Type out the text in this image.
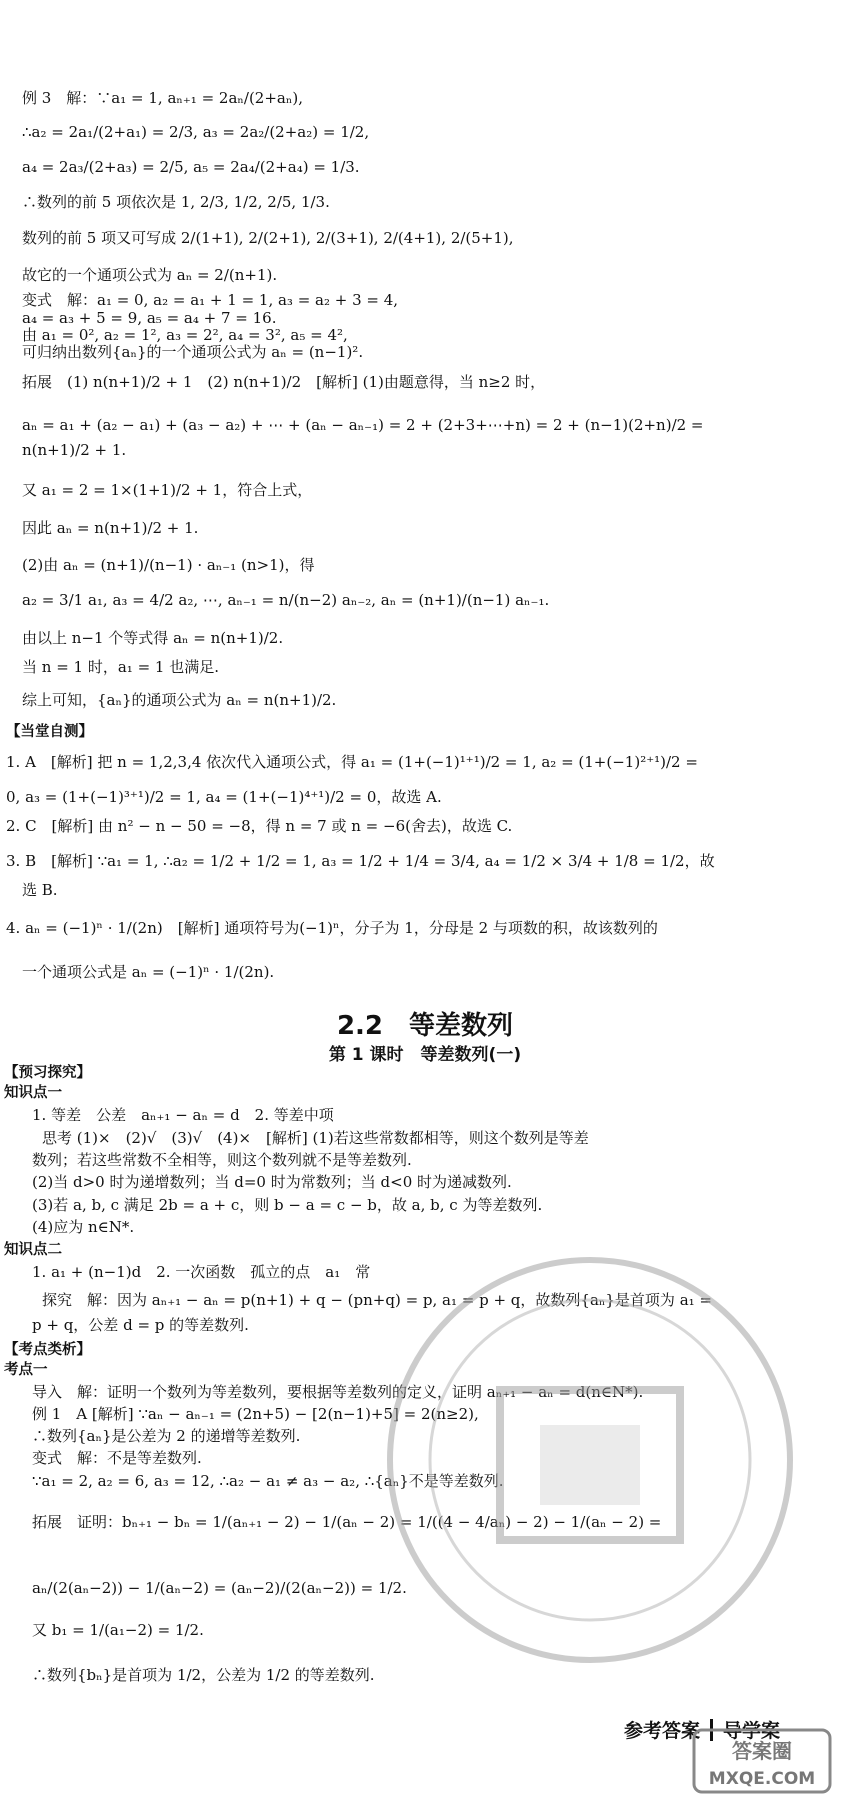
例 3　解：∵a₁ = 1, aₙ₊₁ = 2aₙ/(2+aₙ),
∴a₂ = 2a₁/(2+a₁) = 2/3, a₃ = 2a₂/(2+a₂) = 1/2,
a₄ = 2a₃/(2+a₃) = 2/5, a₅ = 2a₄/(2+a₄) = 1/3.
∴数列的前 5 项依次是 1, 2/3, 1/2, 2/5, 1/3.
数列的前 5 项又可写成 2/(1+1), 2/(2+1), 2/(3+1), 2/(4+1), 2/(5+1),
故它的一个通项公式为 aₙ = 2/(n+1).
变式　解：a₁ = 0, a₂ = a₁ + 1 = 1, a₃ = a₂ + 3 = 4,
a₄ = a₃ + 5 = 9, a₅ = a₄ + 7 = 16.
由 a₁ = 0², a₂ = 1², a₃ = 2², a₄ = 3², a₅ = 4²,
可归纳出数列{aₙ}的一个通项公式为 aₙ = (n−1)².
拓展　(1) n(n+1)/2 + 1　(2) n(n+1)/2　[解析] (1)由题意得，当 n≥2 时，
aₙ = a₁ + (a₂ − a₁) + (a₃ − a₂) + ⋯ + (aₙ − aₙ₋₁) = 2 + (2+3+⋯+n) = 2 + (n−1)(2+n)/2 =
n(n+1)/2 + 1.
又 a₁ = 2 = 1×(1+1)/2 + 1，符合上式，
因此 aₙ = n(n+1)/2 + 1.
(2)由 aₙ = (n+1)/(n−1) · aₙ₋₁ (n>1)，得
a₂ = 3/1 a₁, a₃ = 4/2 a₂, ⋯, aₙ₋₁ = n/(n−2) aₙ₋₂, aₙ = (n+1)/(n−1) aₙ₋₁.
由以上 n−1 个等式得 aₙ = n(n+1)/2.
当 n = 1 时，a₁ = 1 也满足.
综上可知，{aₙ}的通项公式为 aₙ = n(n+1)/2.
【当堂自测】
1. A　[解析] 把 n = 1,2,3,4 依次代入通项公式，得 a₁ = (1+(−1)¹⁺¹)/2 = 1, a₂ = (1+(−1)²⁺¹)/2 =
0, a₃ = (1+(−1)³⁺¹)/2 = 1, a₄ = (1+(−1)⁴⁺¹)/2 = 0，故选 A.
2. C　[解析] 由 n² − n − 50 = −8，得 n = 7 或 n = −6(舍去)，故选 C.
3. B　[解析] ∵a₁ = 1, ∴a₂ = 1/2 + 1/2 = 1, a₃ = 1/2 + 1/4 = 3/4, a₄ = 1/2 × 3/4 + 1/8 = 1/2，故
选 B.
4. aₙ = (−1)ⁿ · 1/(2n)　[解析] 通项符号为(−1)ⁿ，分子为 1，分母是 2 与项数的积，故该数列的
一个通项公式是 aₙ = (−1)ⁿ · 1/(2n).
2.2　等差数列
第 1 课时　等差数列(一)
【预习探究】
知识点一
1. 等差　公差　aₙ₊₁ − aₙ = d　2. 等差中项
思考 (1)×　(2)√　(3)√　(4)×　[解析] (1)若这些常数都相等，则这个数列是等差
数列；若这些常数不全相等，则这个数列就不是等差数列.
(2)当 d>0 时为递增数列；当 d=0 时为常数列；当 d<0 时为递减数列.
(3)若 a, b, c 满足 2b = a + c，则 b − a = c − b，故 a, b, c 为等差数列.
(4)应为 n∈N*.
知识点二
1. a₁ + (n−1)d　2. 一次函数　孤立的点　a₁　常
探究　解：因为 aₙ₊₁ − aₙ = p(n+1) + q − (pn+q) = p, a₁ = p + q，故数列{aₙ}是首项为 a₁ =
p + q，公差 d = p 的等差数列.
【考点类析】
考点一
导入　解：证明一个数列为等差数列，要根据等差数列的定义，证明 aₙ₊₁ − aₙ = d(n∈N*).
例 1　A [解析] ∵aₙ − aₙ₋₁ = (2n+5) − [2(n−1)+5] = 2(n≥2),
∴数列{aₙ}是公差为 2 的递增等差数列.
变式　解：不是等差数列.
∵a₁ = 2, a₂ = 6, a₃ = 12, ∴a₂ − a₁ ≠ a₃ − a₂, ∴{aₙ}不是等差数列.
拓展　证明：bₙ₊₁ − bₙ = 1/(aₙ₊₁ − 2) − 1/(aₙ − 2) = 1/((4 − 4/aₙ) − 2) − 1/(aₙ − 2) =
aₙ/(2(aₙ−2)) − 1/(aₙ−2) = (aₙ−2)/(2(aₙ−2)) = 1/2.
又 b₁ = 1/(a₁−2) = 1/2.
∴数列{bₙ}是首项为 1/2，公差为 1/2 的等差数列.
参考答案 导学案
答案圈
MXQE.COM
